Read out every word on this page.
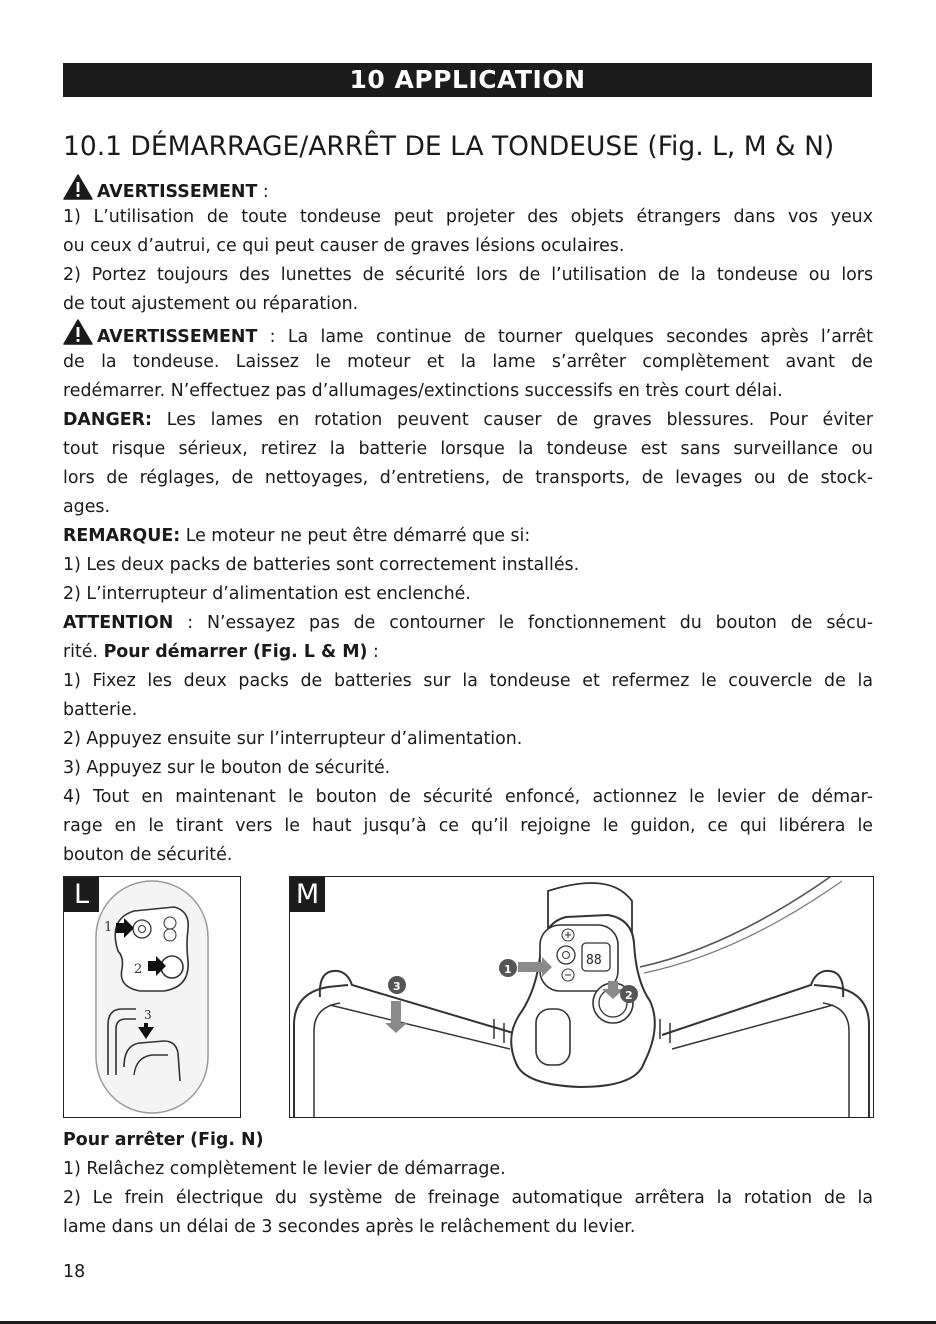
10 APPLICATION
10.1 DÉMARRAGE/ARRÊT DE LA TONDEUSE (Fig. L, M & N)
AVERTISSEMENT :
1) L’utilisation de toute tondeuse peut projeter des objets étrangers dans vos yeux
ou ceux d’autrui, ce qui peut causer de graves lésions oculaires.
2) Portez toujours des lunettes de sécurité lors de l’utilisation de la tondeuse ou lors
de tout ajustement ou réparation.
AVERTISSEMENT : La lame continue de tourner quelques secondes après l’arrêt
de la tondeuse. Laissez le moteur et la lame s’arrêter complètement avant de
redémarrer. N’effectuez pas d’allumages/extinctions successifs en très court délai.
DANGER: Les lames en rotation peuvent causer de graves blessures. Pour éviter
tout risque sérieux, retirez la batterie lorsque la tondeuse est sans surveillance ou
lors de réglages, de nettoyages, d’entretiens, de transports, de levages ou de stock-
ages.
REMARQUE: Le moteur ne peut être démarré que si:
1) Les deux packs de batteries sont correctement installés.
2) L’interrupteur d’alimentation est enclenché.
ATTENTION : N’essayez pas de contourner le fonctionnement du bouton de sécu-
rité. Pour démarrer (Fig. L & M) :
1) Fixez les deux packs de batteries sur la tondeuse et refermez le couvercle de la
batterie.
2) Appuyez ensuite sur l’interrupteur d’alimentation.
3) Appuyez sur le bouton de sécurité.
4) Tout en maintenant le bouton de sécurité enfoncé, actionnez le levier de démar-
rage en le tirant vers le haut jusqu’à ce qu’il rejoigne le guidon, ce qui libérera le
bouton de sécurité.
1
2
3
L
88
1
2
3
M
Pour arrêter (Fig. N)
1) Relâchez complètement le levier de démarrage.
2) Le frein électrique du système de freinage automatique arrêtera la rotation de la
lame dans un délai de 3 secondes après le relâchement du levier.
18
